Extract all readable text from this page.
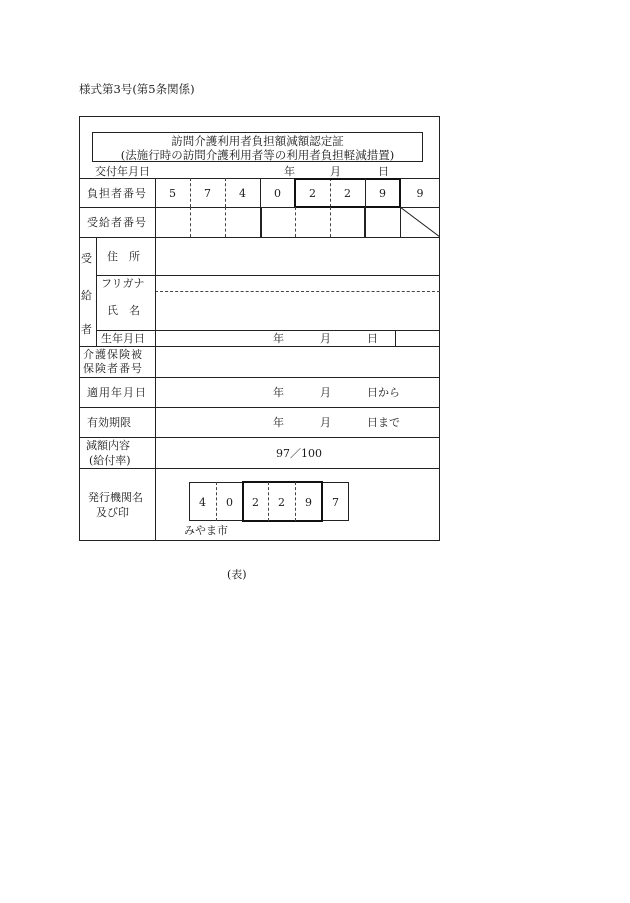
様式第3号(第5条関係)
訪問介護利用者負担額減額認定証
(法施行時の訪問介護利用者等の利用者負担軽減措置)
交付年月日	年	月	日
負担者番号	5	7	4	0	2	2	9	9
受給者番号
受
給
者
住　所
フリガナ
氏　名
生年月日	年	月	日
介護保険被
保険者番号
適用年月日	年	月	日から
有効期限	年	月	日まで
減額内容
(給付率)
97／100
発行機関名
及び印
4	0	2	2	9	7
みやま市
(表)
